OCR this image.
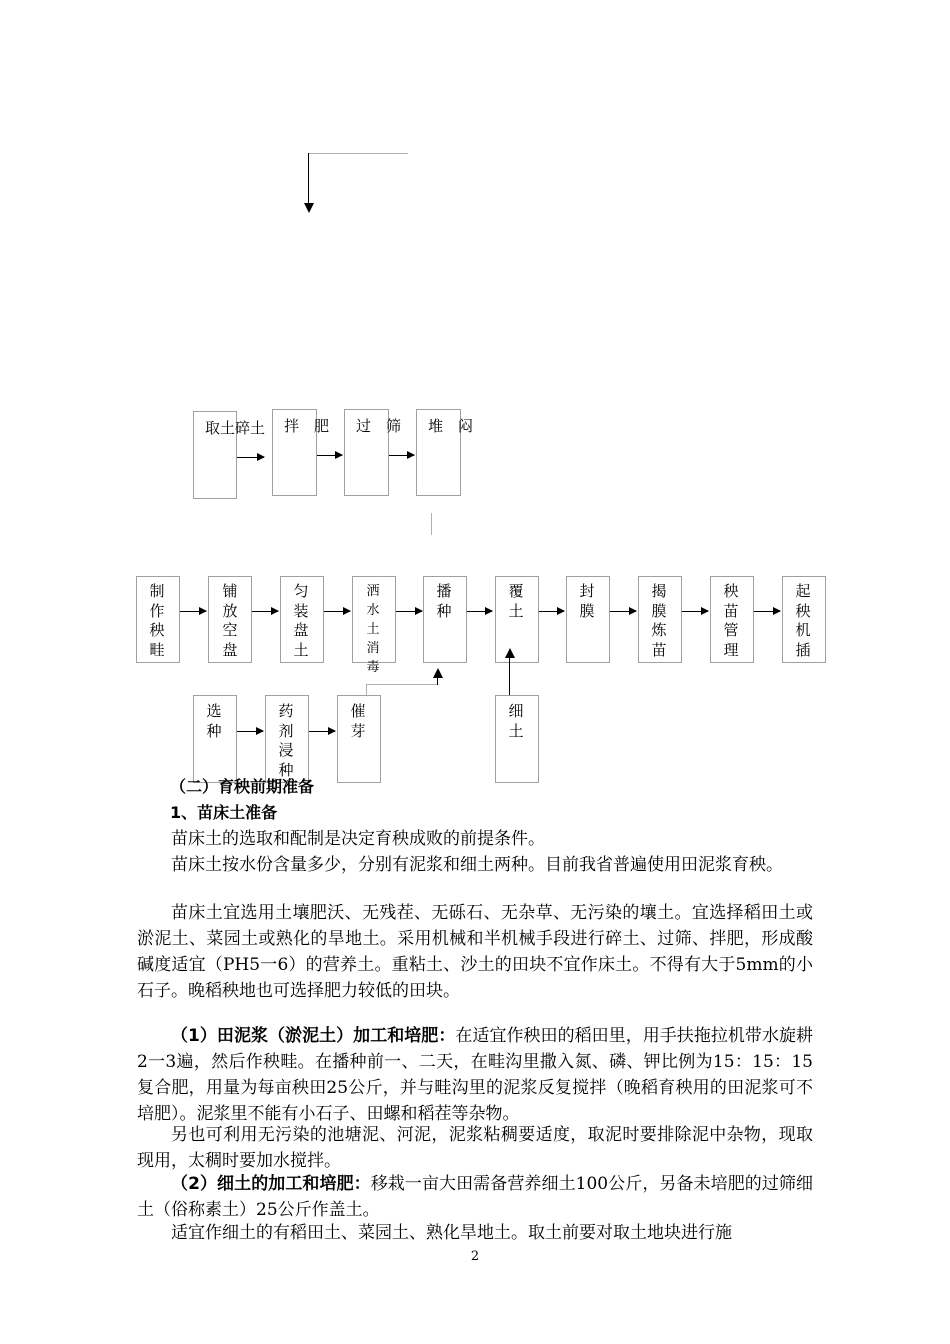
取土碎土 拌　肥 过　筛 堆　闷
制作秧畦
铺放空盘
匀装盘土
洒水土消毒
播种
覆土
封膜
揭膜炼苗
秧苗管理
起秧机插
选种
药剂浸种
催芽
细土
（二）育秧前期准备
1、苗床土准备
苗床土的选取和配制是决定育秧成败的前提条件。
苗床土按水份含量多少，分别有泥浆和细土两种。目前我省普遍使用田泥浆育秧。
苗床土宜选用土壤肥沃、无残茬、无砾石、无杂草、无污染的壤土。宜选择稻田土或淤泥土、菜园土或熟化的旱地土。采用机械和半机械手段进行碎土、过筛、拌肥，形成酸碱度适宜（PH5一6）的营养土。重粘土、沙土的田块不宜作床土。不得有大于5mm的小石子。晚稻秧地也可选择肥力较低的田块。
（1）田泥浆（淤泥土）加工和培肥：在适宜作秧田的稻田里，用手扶拖拉机带水旋耕2一3遍，然后作秧畦。在播种前一、二天，在畦沟里撒入氮、磷、钾比例为15：15：15复合肥，用量为每亩秧田25公斤，并与畦沟里的泥浆反复搅拌（晚稻育秧用的田泥浆可不培肥）。泥浆里不能有小石子、田螺和稻茬等杂物。
另也可利用无污染的池塘泥、河泥，泥浆粘稠要适度，取泥时要排除泥中杂物，现取现用，太稠时要加水搅拌。
（2）细土的加工和培肥：移栽一亩大田需备营养细土100公斤，另备未培肥的过筛细土（俗称素土）25公斤作盖土。
适宜作细土的有稻田土、菜园土、熟化旱地土。取土前要对取土地块进行施
2
